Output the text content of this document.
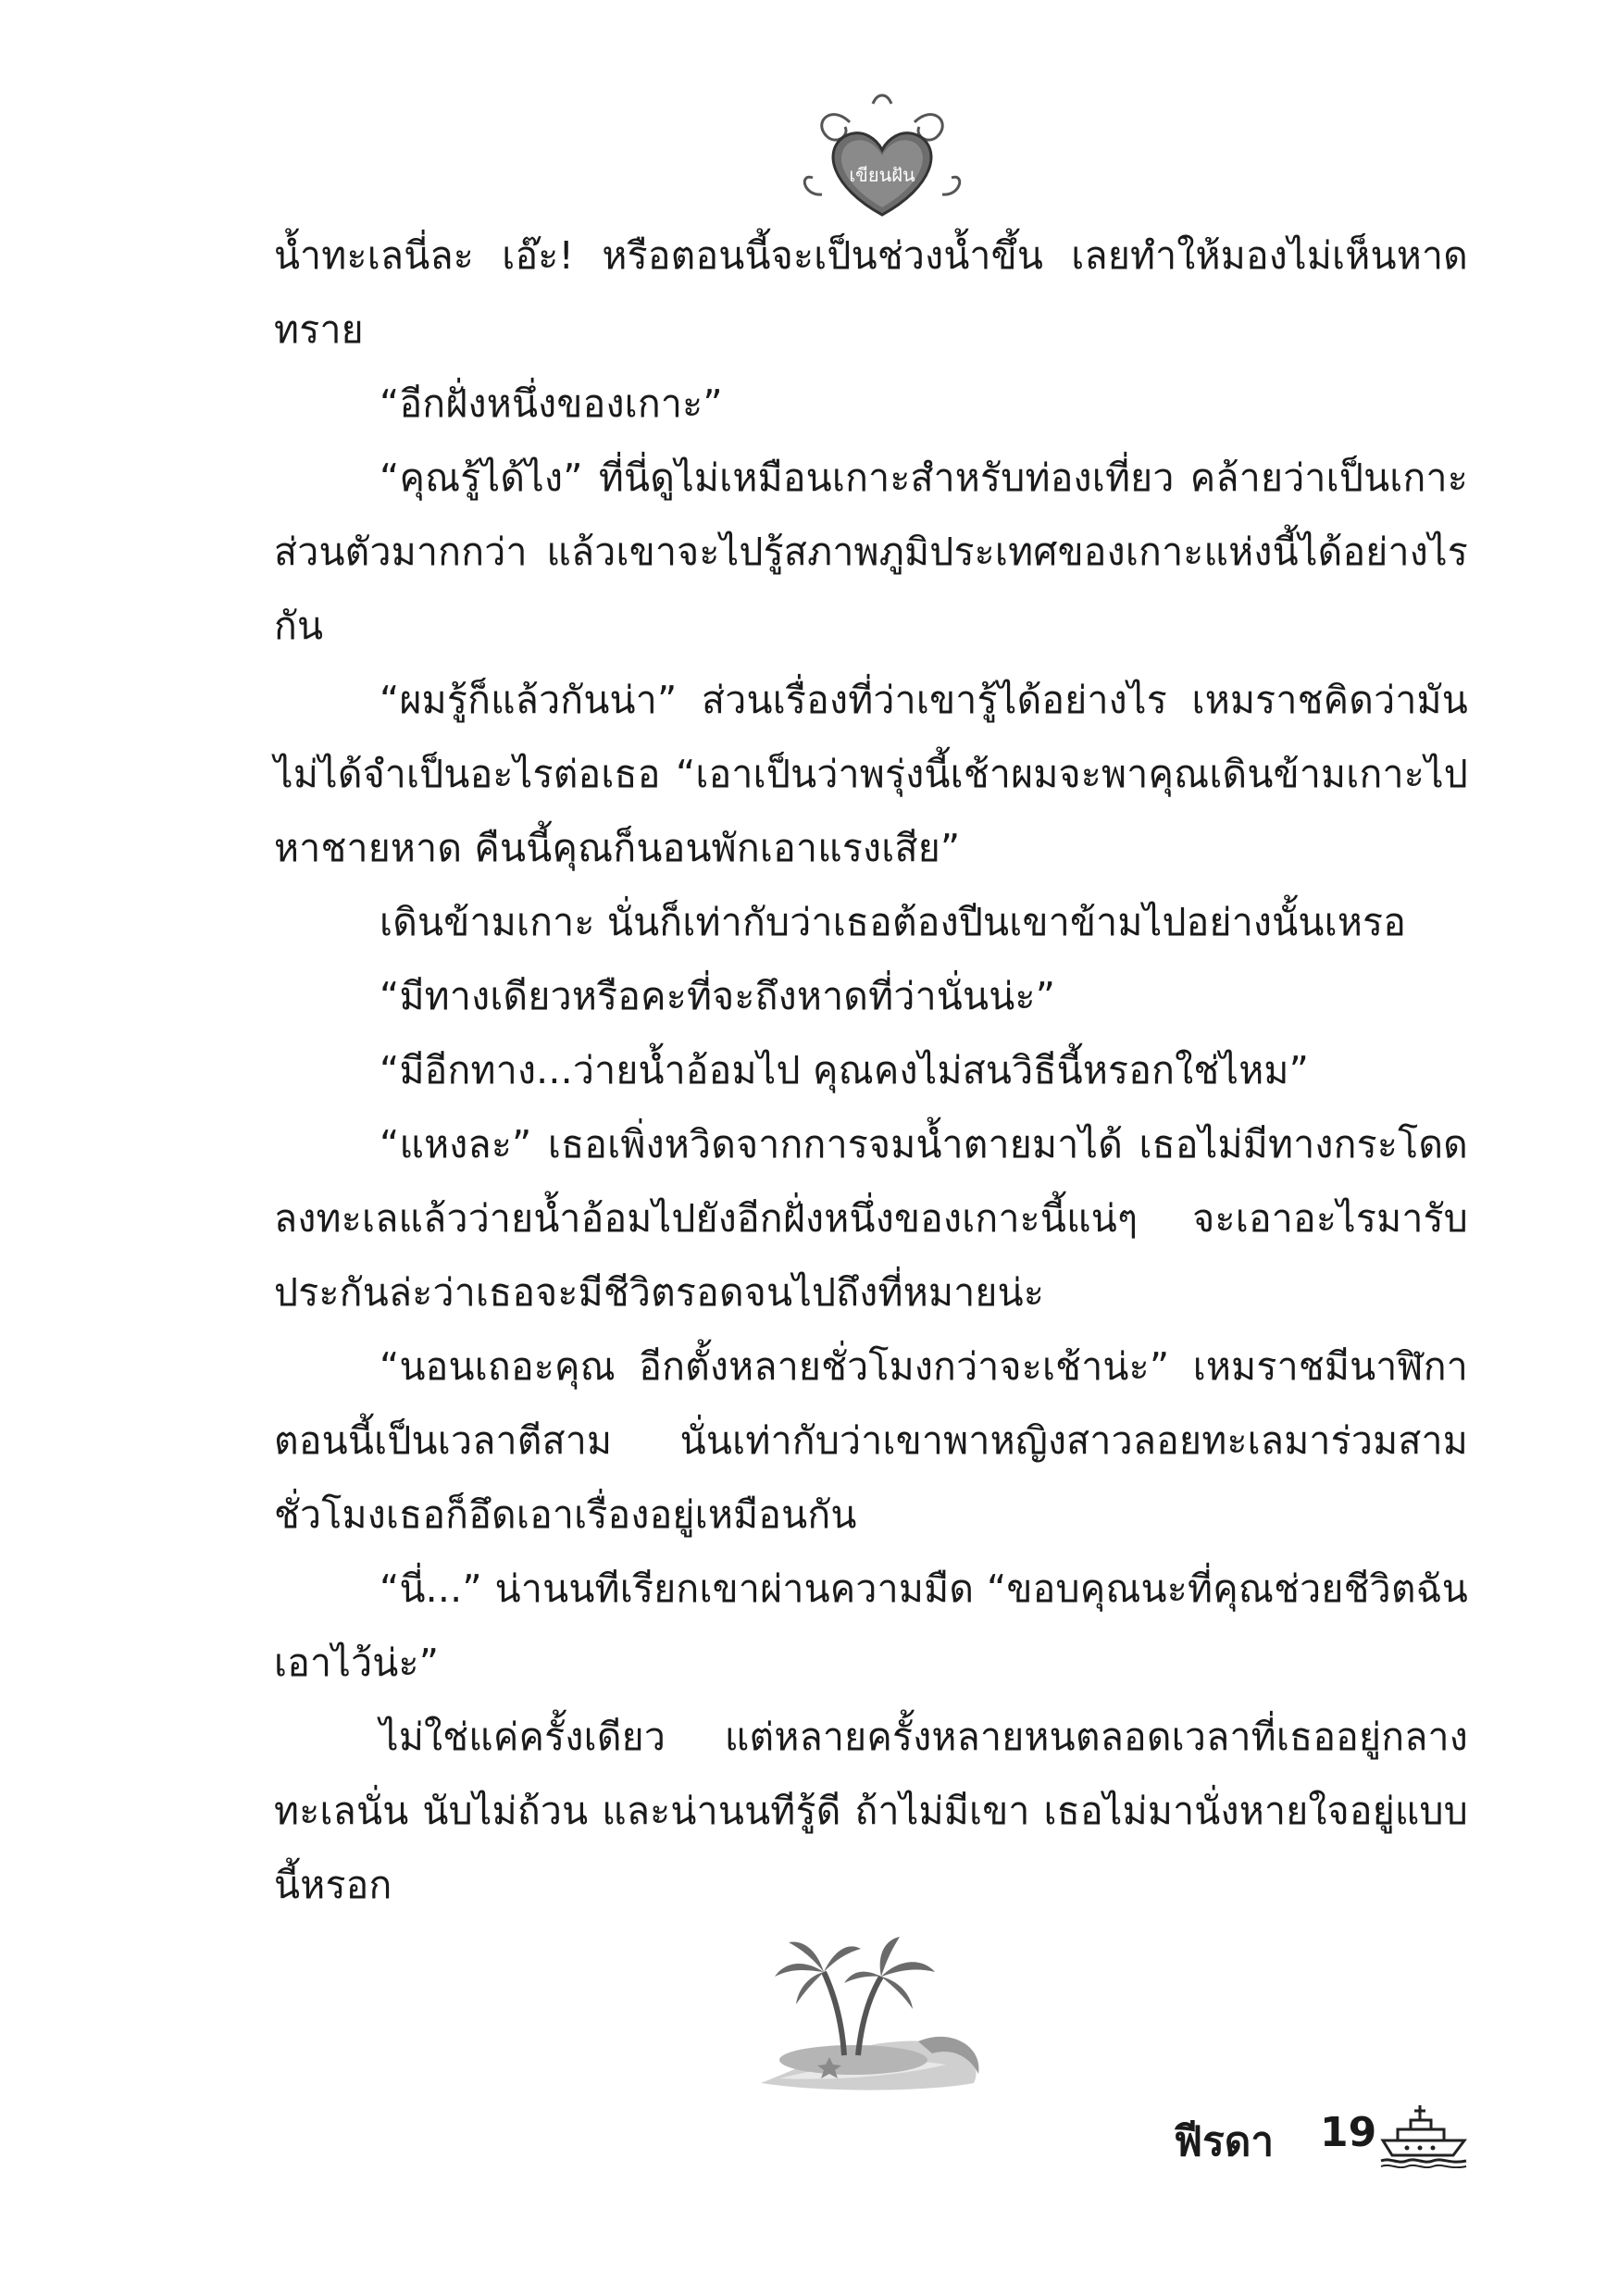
เขียนฝัน

น้ำทะเลนี่ละ เอ๊ะ! หรือตอนนี้จะเป็นช่วงน้ำขึ้น เลยทำให้มองไม่เห็นหาดทราย

“อีกฝั่งหนึ่งของเกาะ”

“คุณรู้ได้ไง” ที่นี่ดูไม่เหมือนเกาะสำหรับท่องเที่ยว คล้ายว่าเป็นเกาะส่วนตัวมากกว่า แล้วเขาจะไปรู้สภาพภูมิประเทศของเกาะแห่งนี้ได้อย่างไรกัน

“ผมรู้ก็แล้วกันน่า” ส่วนเรื่องที่ว่าเขารู้ได้อย่างไร เหมราชคิดว่ามันไม่ได้จำเป็นอะไรต่อเธอ “เอาเป็นว่าพรุ่งนี้เช้าผมจะพาคุณเดินข้ามเกาะไปหาชายหาด คืนนี้คุณก็นอนพักเอาแรงเสีย”

เดินข้ามเกาะ นั่นก็เท่ากับว่าเธอต้องปีนเขาข้ามไปอย่างนั้นเหรอ

“มีทางเดียวหรือคะที่จะถึงหาดที่ว่านั่นน่ะ”

“มีอีกทาง...ว่ายน้ำอ้อมไป คุณคงไม่สนวิธีนี้หรอกใช่ไหม”

“แหงละ” เธอเพิ่งหวิดจากการจมน้ำตายมาได้ เธอไม่มีทางกระโดดลงทะเลแล้วว่ายน้ำอ้อมไปยังอีกฝั่งหนึ่งของเกาะนี้แน่ๆ จะเอาอะไรมารับประกันล่ะว่าเธอจะมีชีวิตรอดจนไปถึงที่หมายน่ะ

“นอนเถอะคุณ อีกตั้งหลายชั่วโมงกว่าจะเช้าน่ะ” เหมราชมีนาฬิกาตอนนี้เป็นเวลาตีสาม นั่นเท่ากับว่าเขาพาหญิงสาวลอยทะเลมาร่วมสามชั่วโมงเธอก็อึดเอาเรื่องอยู่เหมือนกัน

“นี่...” น่านนทีเรียกเขาผ่านความมืด “ขอบคุณนะที่คุณช่วยชีวิตฉันเอาไว้น่ะ”

ไม่ใช่แค่ครั้งเดียว แต่หลายครั้งหลายหนตลอดเวลาที่เธออยู่กลางทะเลนั่น นับไม่ถ้วน และน่านนทีรู้ดี ถ้าไม่มีเขา เธอไม่มานั่งหายใจอยู่แบบนี้หรอก

ฟีรดา 19
